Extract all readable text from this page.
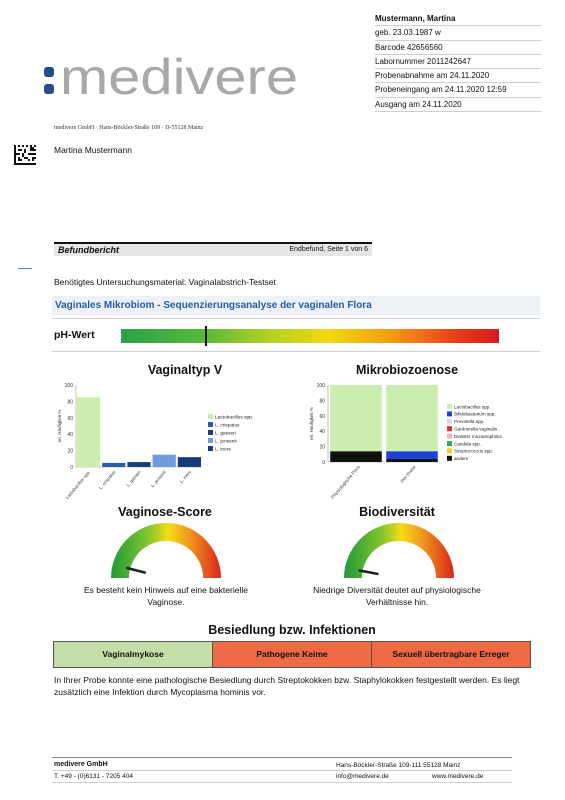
Mustermann, Martina
geb. 23.03.1987 w
Barcode 42656560
Labornummer 2011242647
Probenabnahme am 24.11.2020
Probeneingang am 24.11.2020 12:59
Ausgang am 24.11.2020
medivere
medivere GmbH · Hans-Böckler-Straße 109 · D-55128 Mainz
Martina Mustermann
Befundbericht	Endbefund, Seite 1 von 6
Benötigtes Untersuchungsmaterial: Vaginalabstrich-Testset
Vaginales Mikrobiom - Sequenzierungsanalyse der vaginalen Flora
pH-Wert
Vaginaltyp V	Mikrobiozoenose
0
20
40
60
80
100
rel. Häufigkeit %
Lactobacillus spp. L. crispatus L. gasseri L. jensenii	L. iners
Lactobacillus spp.
L. crispatus
L. gasseri
L. jensenii
L. iners
0
20
40
60
80
100
rel. Häufigkeit %
Physiologische Flora	Ihre Probe
Lactobacillus spp.
Bifidobacterium spp.
Prevotella spp.
Gardnerella vaginalis
Dialister micraerophilus
Candida spp.
Streptococcus spp.
andere
Vaginose-Score	Biodiversität
Es besteht kein Hinweis auf eine bakterielle
Vaginose.
Niedrige Diversität deutet auf physiologische
Verhältnisse hin.
Besiedlung bzw. Infektionen
Vaginalmykose	Pathogene Keime	Sexuell übertragbare Erreger
In Ihrer Probe konnte eine pathologische Besiedlung durch Streptokokken bzw. Staphylokokken festgestellt werden. Es liegt zusätzlich eine Infektion durch Mycoplasma hominis vor.
medivere GmbH	Hans-Böckler-Straße 109-111 55128 Mainz
T. +49 - (0)6131 - 7205 404	info@medivere.de	www.medivere.de
